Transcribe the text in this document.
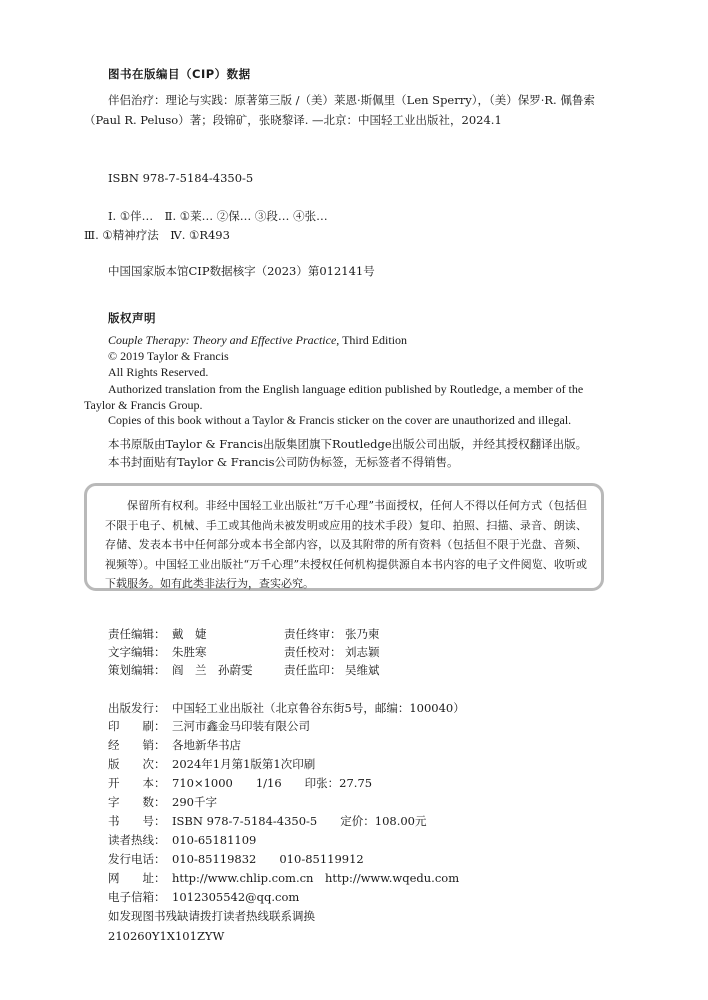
图书在版编目（CIP）数据
伴侣治疗：理论与实践：原著第三版 /（美）莱恩·斯佩里（Len Sperry），（美）保罗·R. 佩鲁索（Paul R. Peluso）著；段锦矿，张晓黎译. —北京：中国轻工业出版社，2024.1
ISBN 978-7-5184-4350-5
Ⅰ. ①伴…　Ⅱ. ①莱… ②保… ③段… ④张…
Ⅲ. ①精神疗法　Ⅳ. ①R493
中国国家版本馆CIP数据核字（2023）第012141号
版权声明
Couple Therapy: Theory and Effective Practice, Third Edition
© 2019 Taylor & Francis
All Rights Reserved.
Authorized translation from the English language edition published by Routledge, a member of the Taylor & Francis Group.
Copies of this book without a Taylor & Francis sticker on the cover are unauthorized and illegal.
本书原版由Taylor & Francis出版集团旗下Routledge出版公司出版，并经其授权翻译出版。
本书封面贴有Taylor & Francis公司防伪标签，无标签者不得销售。

保留所有权利。非经中国轻工业出版社“万千心理”书面授权，任何人不得以任何方式（包括但不限于电子、机械、手工或其他尚未被发明或应用的技术手段）复印、拍照、扫描、录音、朗读、存储、发表本书中任何部分或本书全部内容，以及其附带的所有资料（包括但不限于光盘、音频、视频等）。中国轻工业出版社“万千心理”未授权任何机构提供源自本书内容的电子文件阅览、收听或下载服务。如有此类非法行为，查实必究。

责任编辑： 戴　婕
文字编辑： 朱胜寒
策划编辑： 阎　兰　孙蔚雯
责任终审： 张乃柬
责任校对： 刘志颖
责任监印： 吴维斌
出版发行： 中国轻工业出版社（北京鲁谷东街5号，邮编：100040）
印　　刷： 三河市鑫金马印装有限公司
经　　销： 各地新华书店
版　　次： 2024年1月第1版第1次印刷
开　　本： 710×1000　　1/16　　印张：27.75
字　　数： 290千字
书　　号： ISBN 978-7-5184-4350-5　　定价：108.00元
读者热线： 010-65181109
发行电话： 010-85119832　　010-85119912
网　　址： http://www.chlip.com.cn　http://www.wqedu.com
电子信箱： 1012305542@qq.com
如发现图书残缺请拨打读者热线联系调换
210260Y1X101ZYW
